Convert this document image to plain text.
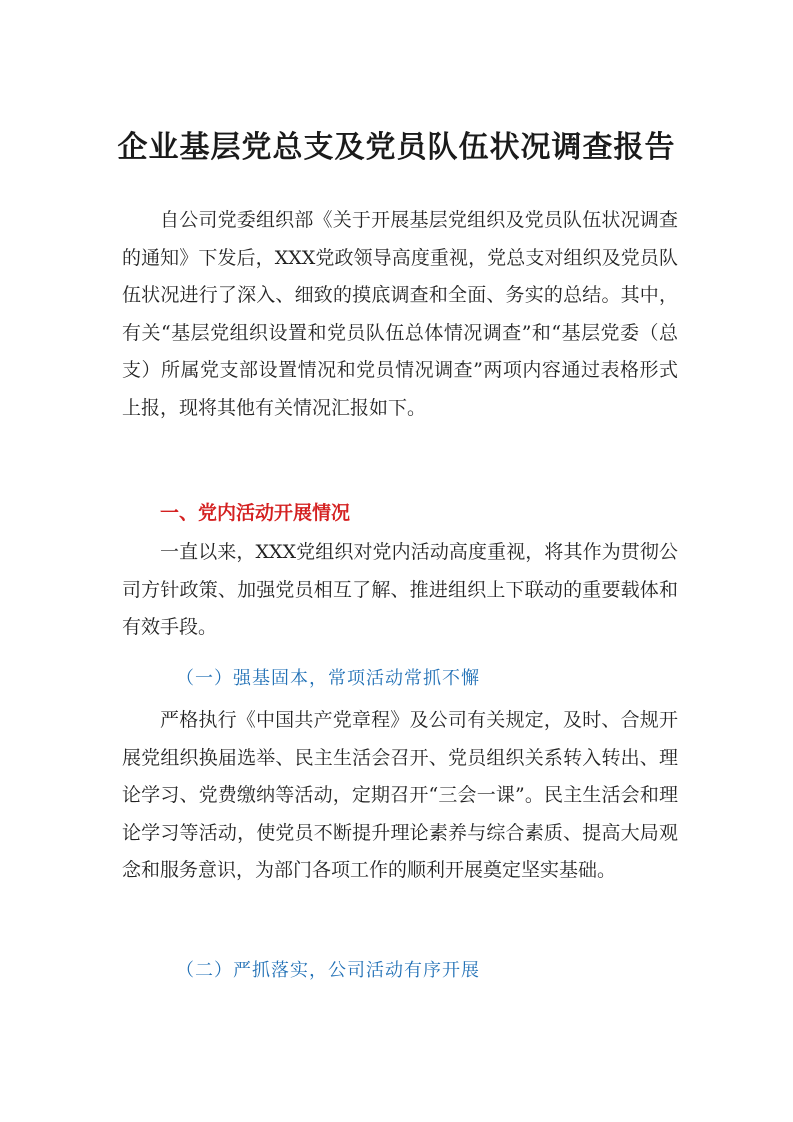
企业基层党总支及党员队伍状况调查报告

自公司党委组织部《关于开展基层党组织及党员队伍状况调查的通知》下发后，XXX党政领导高度重视，党总支对组织及党员队伍状况进行了深入、细致的摸底调查和全面、务实的总结。其中，有关“基层党组织设置和党员队伍总体情况调查”和“基层党委（总支）所属党支部设置情况和党员情况调查”两项内容通过表格形式上报，现将其他有关情况汇报如下。

一、党内活动开展情况

一直以来，XXX党组织对党内活动高度重视，将其作为贯彻公司方针政策、加强党员相互了解、推进组织上下联动的重要载体和有效手段。

（一）强基固本，常项活动常抓不懈

严格执行《中国共产党章程》及公司有关规定，及时、合规开展党组织换届选举、民主生活会召开、党员组织关系转入转出、理论学习、党费缴纳等活动，定期召开“三会一课”。民主生活会和理论学习等活动，使党员不断提升理论素养与综合素质、提高大局观念和服务意识，为部门各项工作的顺利开展奠定坚实基础。

（二）严抓落实，公司活动有序开展
